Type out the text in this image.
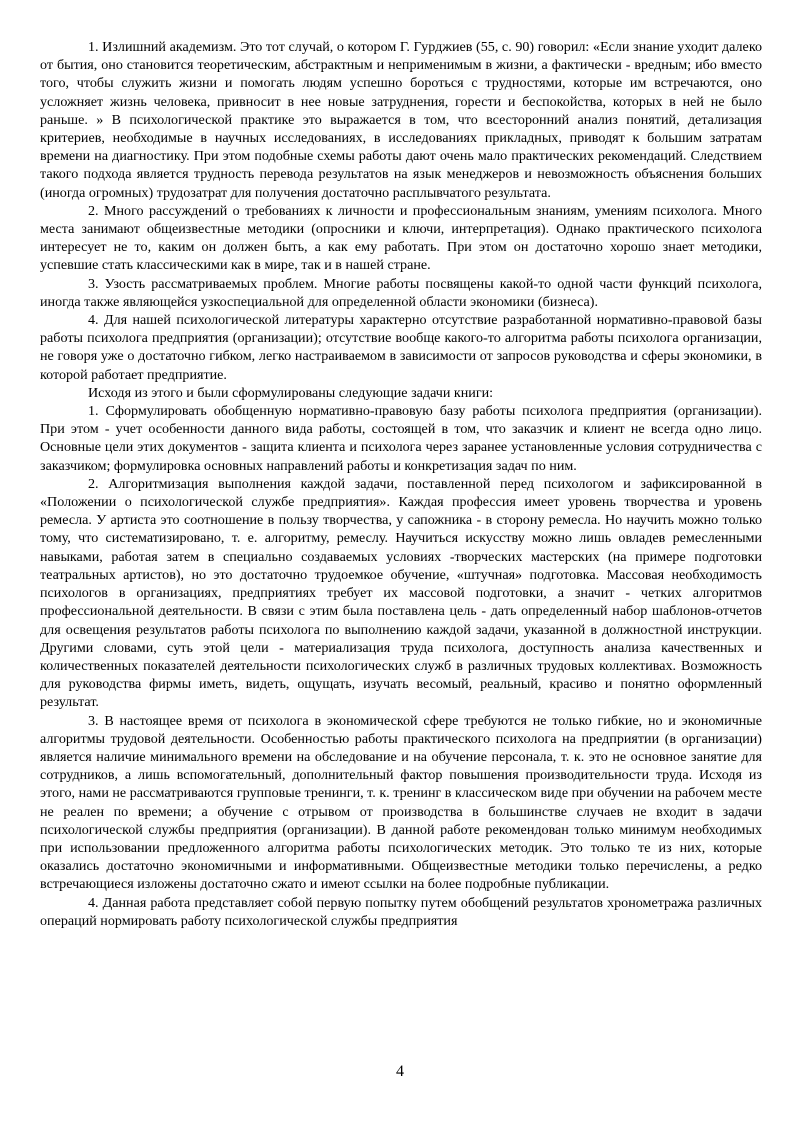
1. Излишний академизм. Это тот случай, о котором Г. Гурджиев (55, с. 90) говорил: «Если знание уходит далеко от бытия, оно становится теоретическим, абстрактным и неприменимым в жизни, а фактически - вредным; ибо вместо того, чтобы служить жизни и помогать людям успешно бороться с трудностями, которые им встречаются, оно усложняет жизнь человека, привносит в нее новые затруднения, горести и беспокойства, которых в ней не было раньше. » В психологической практике это выражается в том, что всесторонний анализ понятий, детализация критериев, необходимые в научных исследованиях, в исследованиях прикладных, приводят к большим затратам времени на диагностику. При этом подобные схемы работы дают очень мало практических рекомендаций. Следствием такого подхода является трудность перевода результатов на язык менеджеров и невозможность объяснения больших (иногда огромных) трудозатрат для получения достаточно расплывчатого результата.

2. Много рассуждений о требованиях к личности и профессиональным знаниям, умениям психолога. Много места занимают общеизвестные методики (опросники и ключи, интерпретация). Однако практического психолога интересует не то, каким он должен быть, а как ему работать. При этом он достаточно хорошо знает методики, успевшие стать классическими как в мире, так и в нашей стране.

3. Узость рассматриваемых проблем. Многие работы посвящены какой-то одной части функций психолога, иногда также являющейся узкоспециальной для определенной области экономики (бизнеса).

4. Для нашей психологической литературы характерно отсутствие разработанной нормативно-правовой базы работы психолога предприятия (организации); отсутствие вообще какого-то алгоритма работы психолога организации, не говоря уже о достаточно гибком, легко настраиваемом в зависимости от запросов руководства и сферы экономики, в которой работает предприятие.

Исходя из этого и были сформулированы следующие задачи книги:

1. Сформулировать обобщенную нормативно-правовую базу работы психолога предприятия (организации). При этом - учет особенности данного вида работы, состоящей в том, что заказчик и клиент не всегда одно лицо. Основные цели этих документов - защита клиента и психолога через заранее установленные условия сотрудничества с заказчиком; формулировка основных направлений работы и конкретизация задач по ним.

2. Алгоритмизация выполнения каждой задачи, поставленной перед психологом и зафиксированной в «Положении о психологической службе предприятия». Каждая профессия имеет уровень творчества и уровень ремесла. У артиста это соотношение в пользу творчества, у сапожника - в сторону ремесла. Но научить можно только тому, что систематизировано, т. е. алгоритму, ремеслу. Научиться искусству можно лишь овладев ремесленными навыками, работая затем в специально создаваемых условиях -творческих мастерских (на примере подготовки театральных артистов), но это достаточно трудоемкое обучение, «штучная» подготовка. Массовая необходимость психологов в организациях, предприятиях требует их массовой подготовки, а значит - четких алгоритмов профессиональной деятельности. В связи с этим была поставлена цель - дать определенный набор шаблонов-отчетов для освещения результатов работы психолога по выполнению каждой задачи, указанной в должностной инструкции. Другими словами, суть этой цели - материализация труда психолога, доступность анализа качественных и количественных показателей деятельности психологических служб в различных трудовых коллективах. Возможность для руководства фирмы иметь, видеть, ощущать, изучать весомый, реальный, красиво и понятно оформленный результат.

3. В настоящее время от психолога в экономической сфере требуются не только гибкие, но и экономичные алгоритмы трудовой деятельности. Особенностью работы практического психолога на предприятии (в организации) является наличие минимального времени на обследование и на обучение персонала, т. к. это не основное занятие для сотрудников, а лишь вспомогательный, дополнительный фактор повышения производительности труда. Исходя из этого, нами не рассматриваются групповые тренинги, т. к. тренинг в классическом виде при обучении на рабочем месте не реален по времени; а обучение с отрывом от производства в большинстве случаев не входит в задачи психологической службы предприятия (организации). В данной работе рекомендован только минимум необходимых при использовании предложенного алгоритма работы психологических методик. Это только те из них, которые оказались достаточно экономичными и информативными. Общеизвестные методики только перечислены, а редко встречающиеся изложены достаточно сжато и имеют ссылки на более подробные публикации.

4. Данная работа представляет собой первую попытку путем обобщений результатов хронометража различных операций нормировать работу психологической службы предприятия

4
